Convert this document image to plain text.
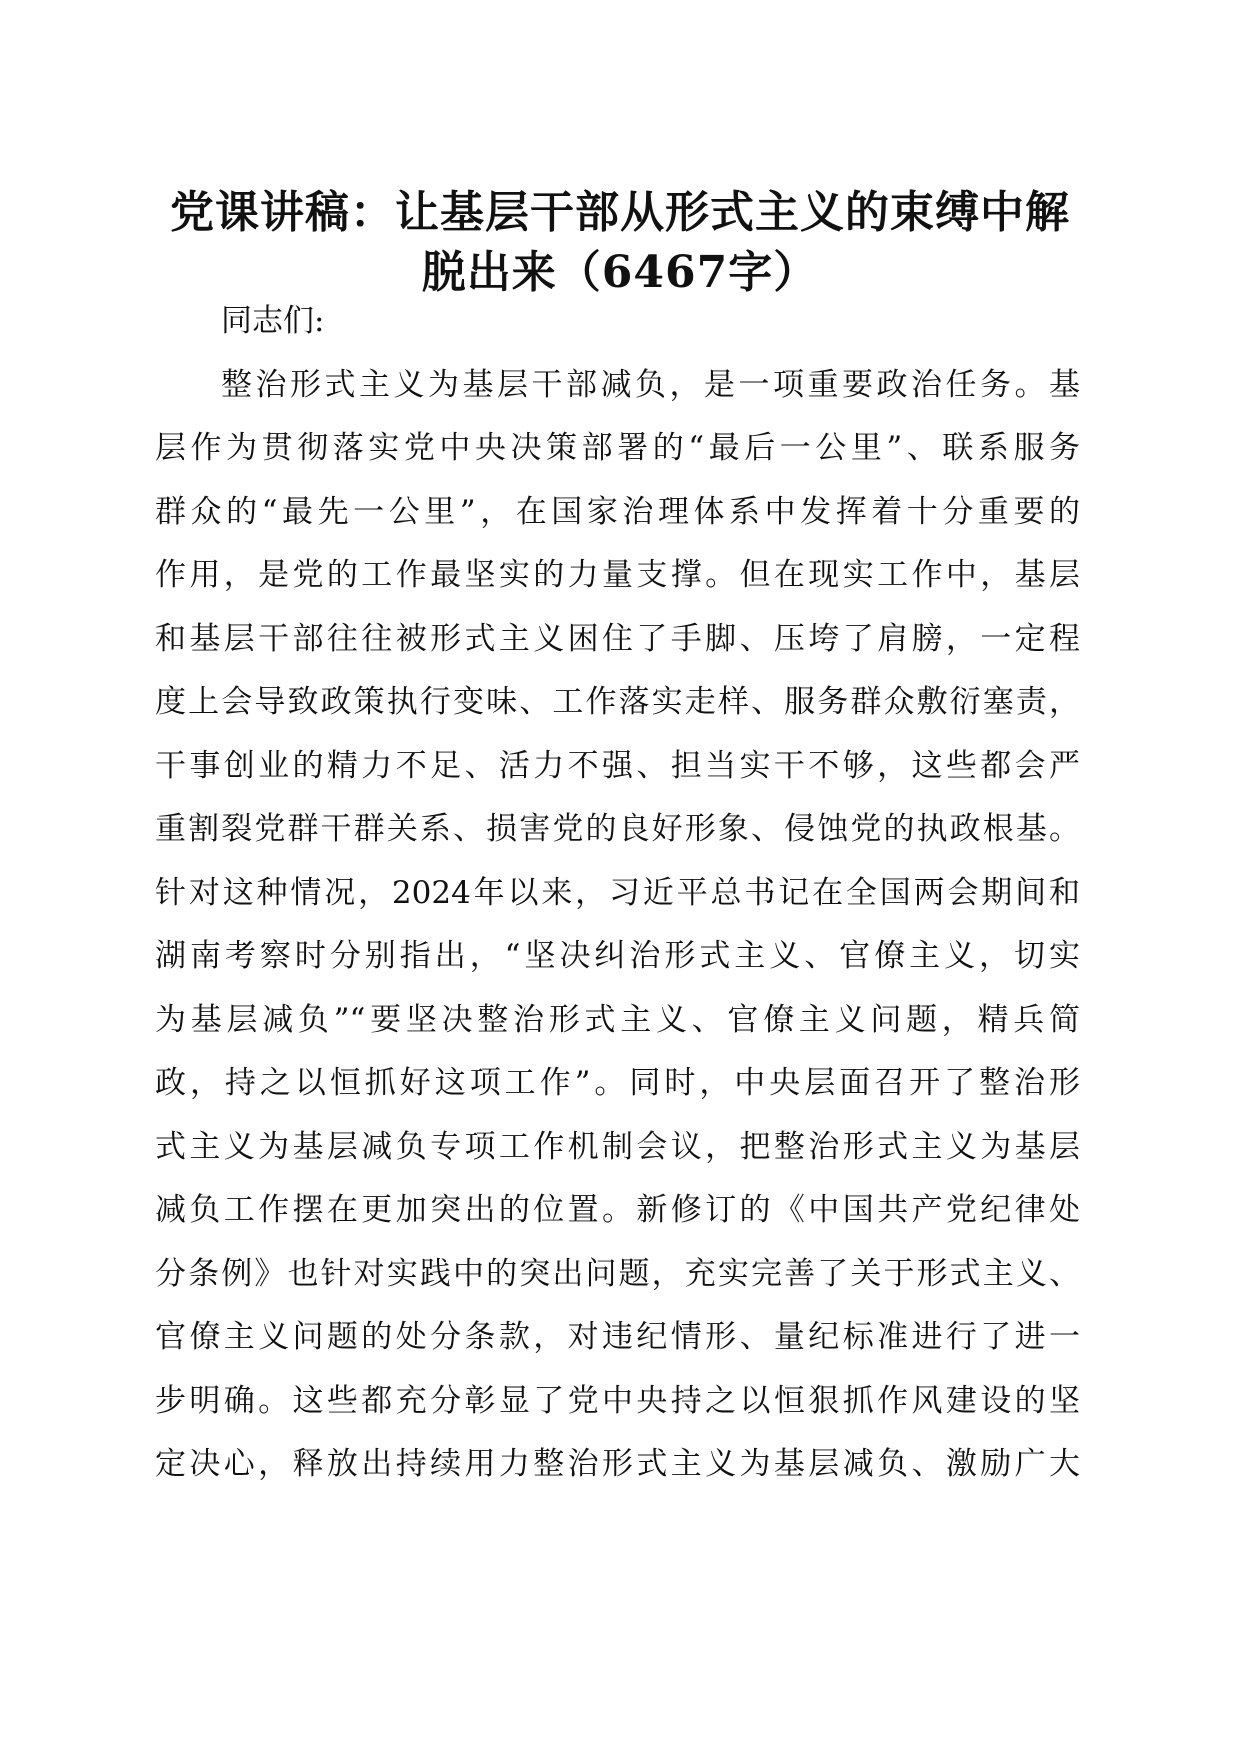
党课讲稿：让基层干部从形式主义的束缚中解脱出来（6467字）
同志们:
整治形式主义为基层干部减负，是一项重要政治任务。基
层作为贯彻落实党中央决策部署的“最后一公里”、联系服务
群众的“最先一公里”，在国家治理体系中发挥着十分重要的
作用，是党的工作最坚实的力量支撑。但在现实工作中，基层
和基层干部往往被形式主义困住了手脚、压垮了肩膀，一定程
度上会导致政策执行变味、工作落实走样、服务群众敷衍塞责，
干事创业的精力不足、活力不强、担当实干不够，这些都会严
重割裂党群干群关系、损害党的良好形象、侵蚀党的执政根基。
针对这种情况，2024年以来，习近平总书记在全国两会期间和
湖南考察时分别指出，“坚决纠治形式主义、官僚主义，切实
为基层减负”“要坚决整治形式主义、官僚主义问题，精兵简
政，持之以恒抓好这项工作”。同时，中央层面召开了整治形
式主义为基层减负专项工作机制会议，把整治形式主义为基层
减负工作摆在更加突出的位置。新修订的《中国共产党纪律处
分条例》也针对实践中的突出问题，充实完善了关于形式主义、
官僚主义问题的处分条款，对违纪情形、量纪标准进行了进一
步明确。这些都充分彰显了党中央持之以恒狠抓作风建设的坚
定决心，释放出持续用力整治形式主义为基层减负、激励广大
